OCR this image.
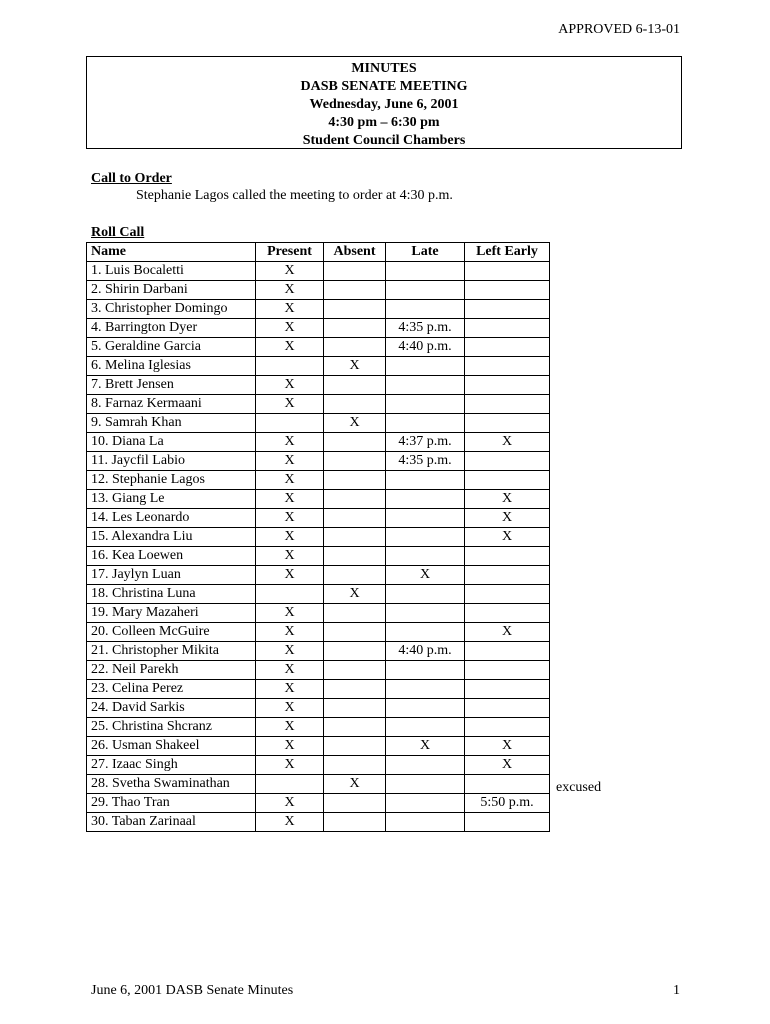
APPROVED 6-13-01
MINUTES
DASB SENATE MEETING
Wednesday, June 6, 2001
4:30 pm – 6:30 pm
Student Council Chambers
Call to Order
Stephanie Lagos called the meeting to order at 4:30 p.m.
Roll Call
Name	Present	Absent	Late	Left Early
1. Luis Bocaletti	X			
2. Shirin Darbani	X			
3. Christopher Domingo	X			
4. Barrington Dyer	X		4:35 p.m.	
5. Geraldine Garcia	X		4:40 p.m.	
6. Melina Iglesias		X		
7. Brett Jensen	X			
8. Farnaz Kermaani	X			
9. Samrah Khan		X		
10. Diana La	X		4:37 p.m.	X
11. Jaycfil Labio	X		4:35 p.m.	
12. Stephanie Lagos	X			
13. Giang Le	X			X
14. Les Leonardo	X			X
15. Alexandra Liu	X			X
16. Kea Loewen	X			
17. Jaylyn Luan	X		X	
18. Christina Luna		X		
19. Mary Mazaheri	X			
20. Colleen McGuire	X			X
21. Christopher Mikita	X		4:40 p.m.	
22. Neil Parekh	X			
23. Celina Perez	X			
24. David Sarkis	X			
25. Christina Shcranz	X			
26. Usman Shakeel	X		X	X
27. Izaac Singh	X			X
28. Svetha Swaminathan		X		
29. Thao Tran	X			5:50 p.m.
30. Taban Zarinaal	X			
excused
June 6, 2001 DASB Senate Minutes	1
